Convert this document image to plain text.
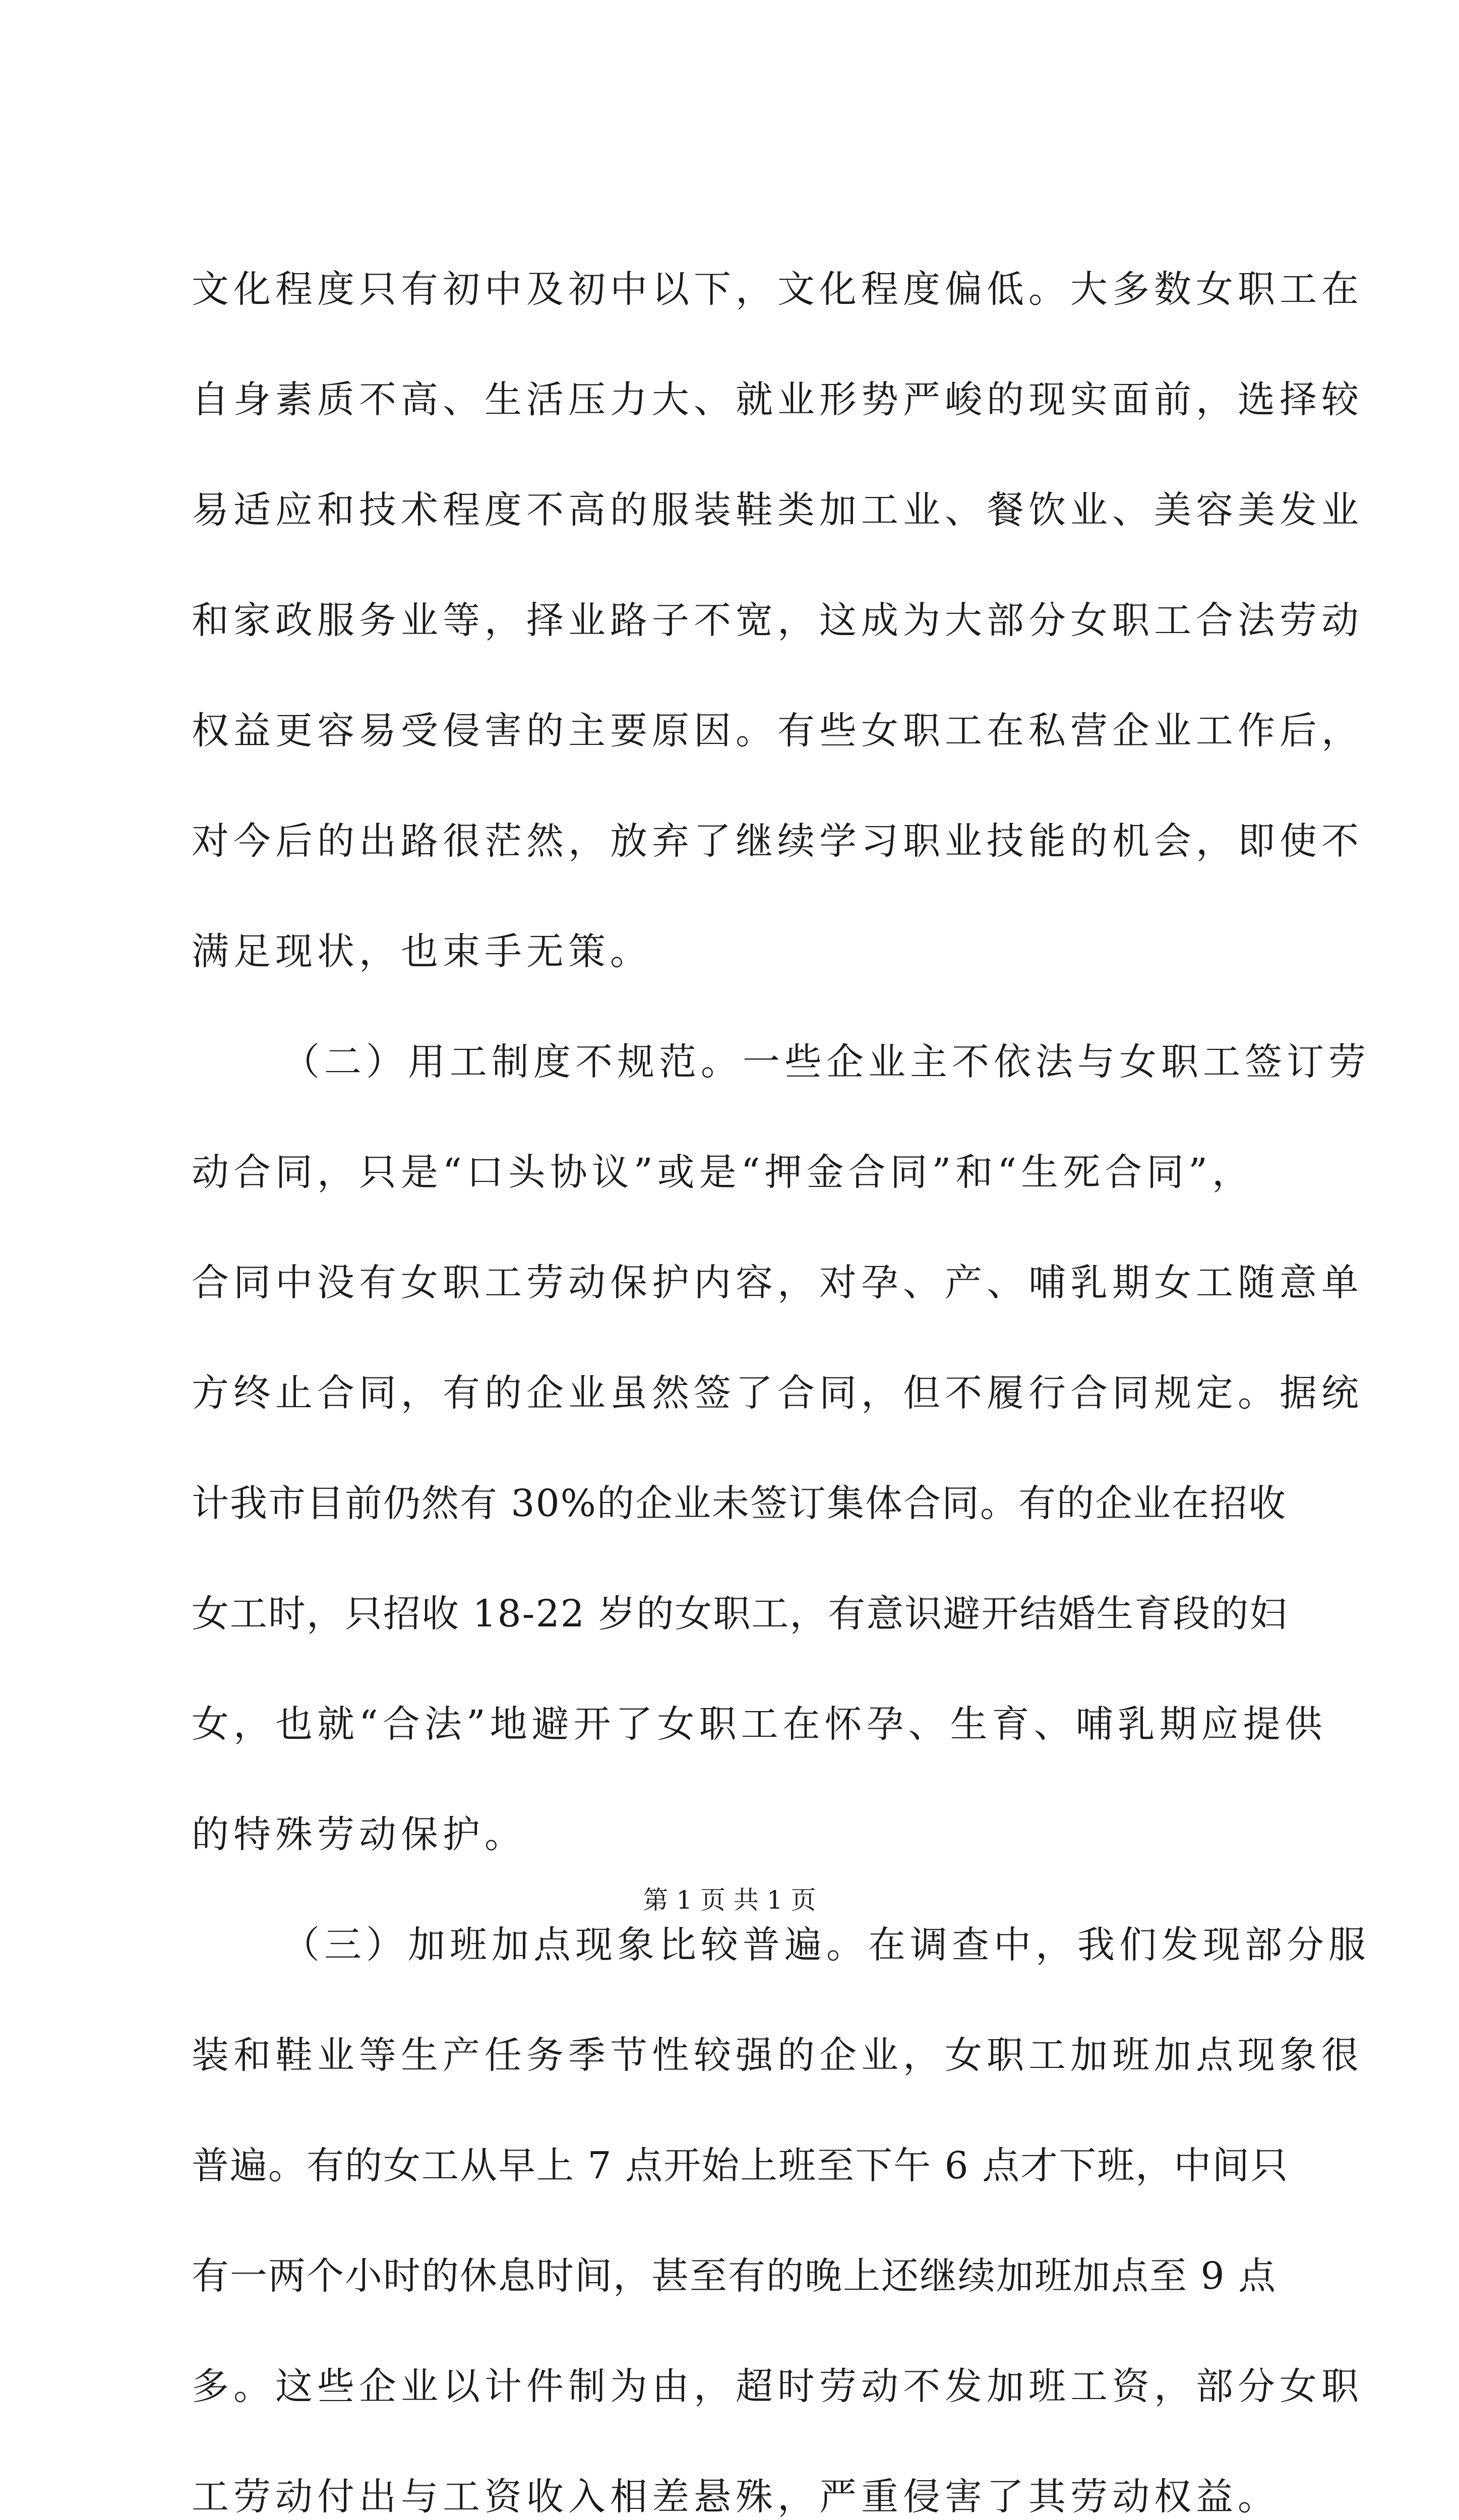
文化程度只有初中及初中以下，文化程度偏低。大多数女职工在
自身素质不高、生活压力大、就业形势严峻的现实面前，选择较
易适应和技术程度不高的服装鞋类加工业、餐饮业、美容美发业
和家政服务业等，择业路子不宽，这成为大部分女职工合法劳动
权益更容易受侵害的主要原因。有些女职工在私营企业工作后，
对今后的出路很茫然，放弃了继续学习职业技能的机会，即使不
满足现状，也束手无策。
（二）用工制度不规范。一些企业主不依法与女职工签订劳
动合同，只是“口头协议”或是“押金合同”和“生死合同”，
合同中没有女职工劳动保护内容，对孕、产、哺乳期女工随意单
方终止合同，有的企业虽然签了合同，但不履行合同规定。据统
计我市目前仍然有 30%的企业未签订集体合同。有的企业在招收
女工时，只招收 18-22 岁的女职工，有意识避开结婚生育段的妇
女，也就“合法”地避开了女职工在怀孕、生育、哺乳期应提供
的特殊劳动保护。
（三）加班加点现象比较普遍。在调查中，我们发现部分服
装和鞋业等生产任务季节性较强的企业，女职工加班加点现象很
普遍。有的女工从早上 7 点开始上班至下午 6 点才下班，中间只
有一两个小时的休息时间，甚至有的晚上还继续加班加点至 9 点
多。这些企业以计件制为由，超时劳动不发加班工资，部分女职
工劳动付出与工资收入相差悬殊，严重侵害了其劳动权益。
第 1 页 共 1 页
